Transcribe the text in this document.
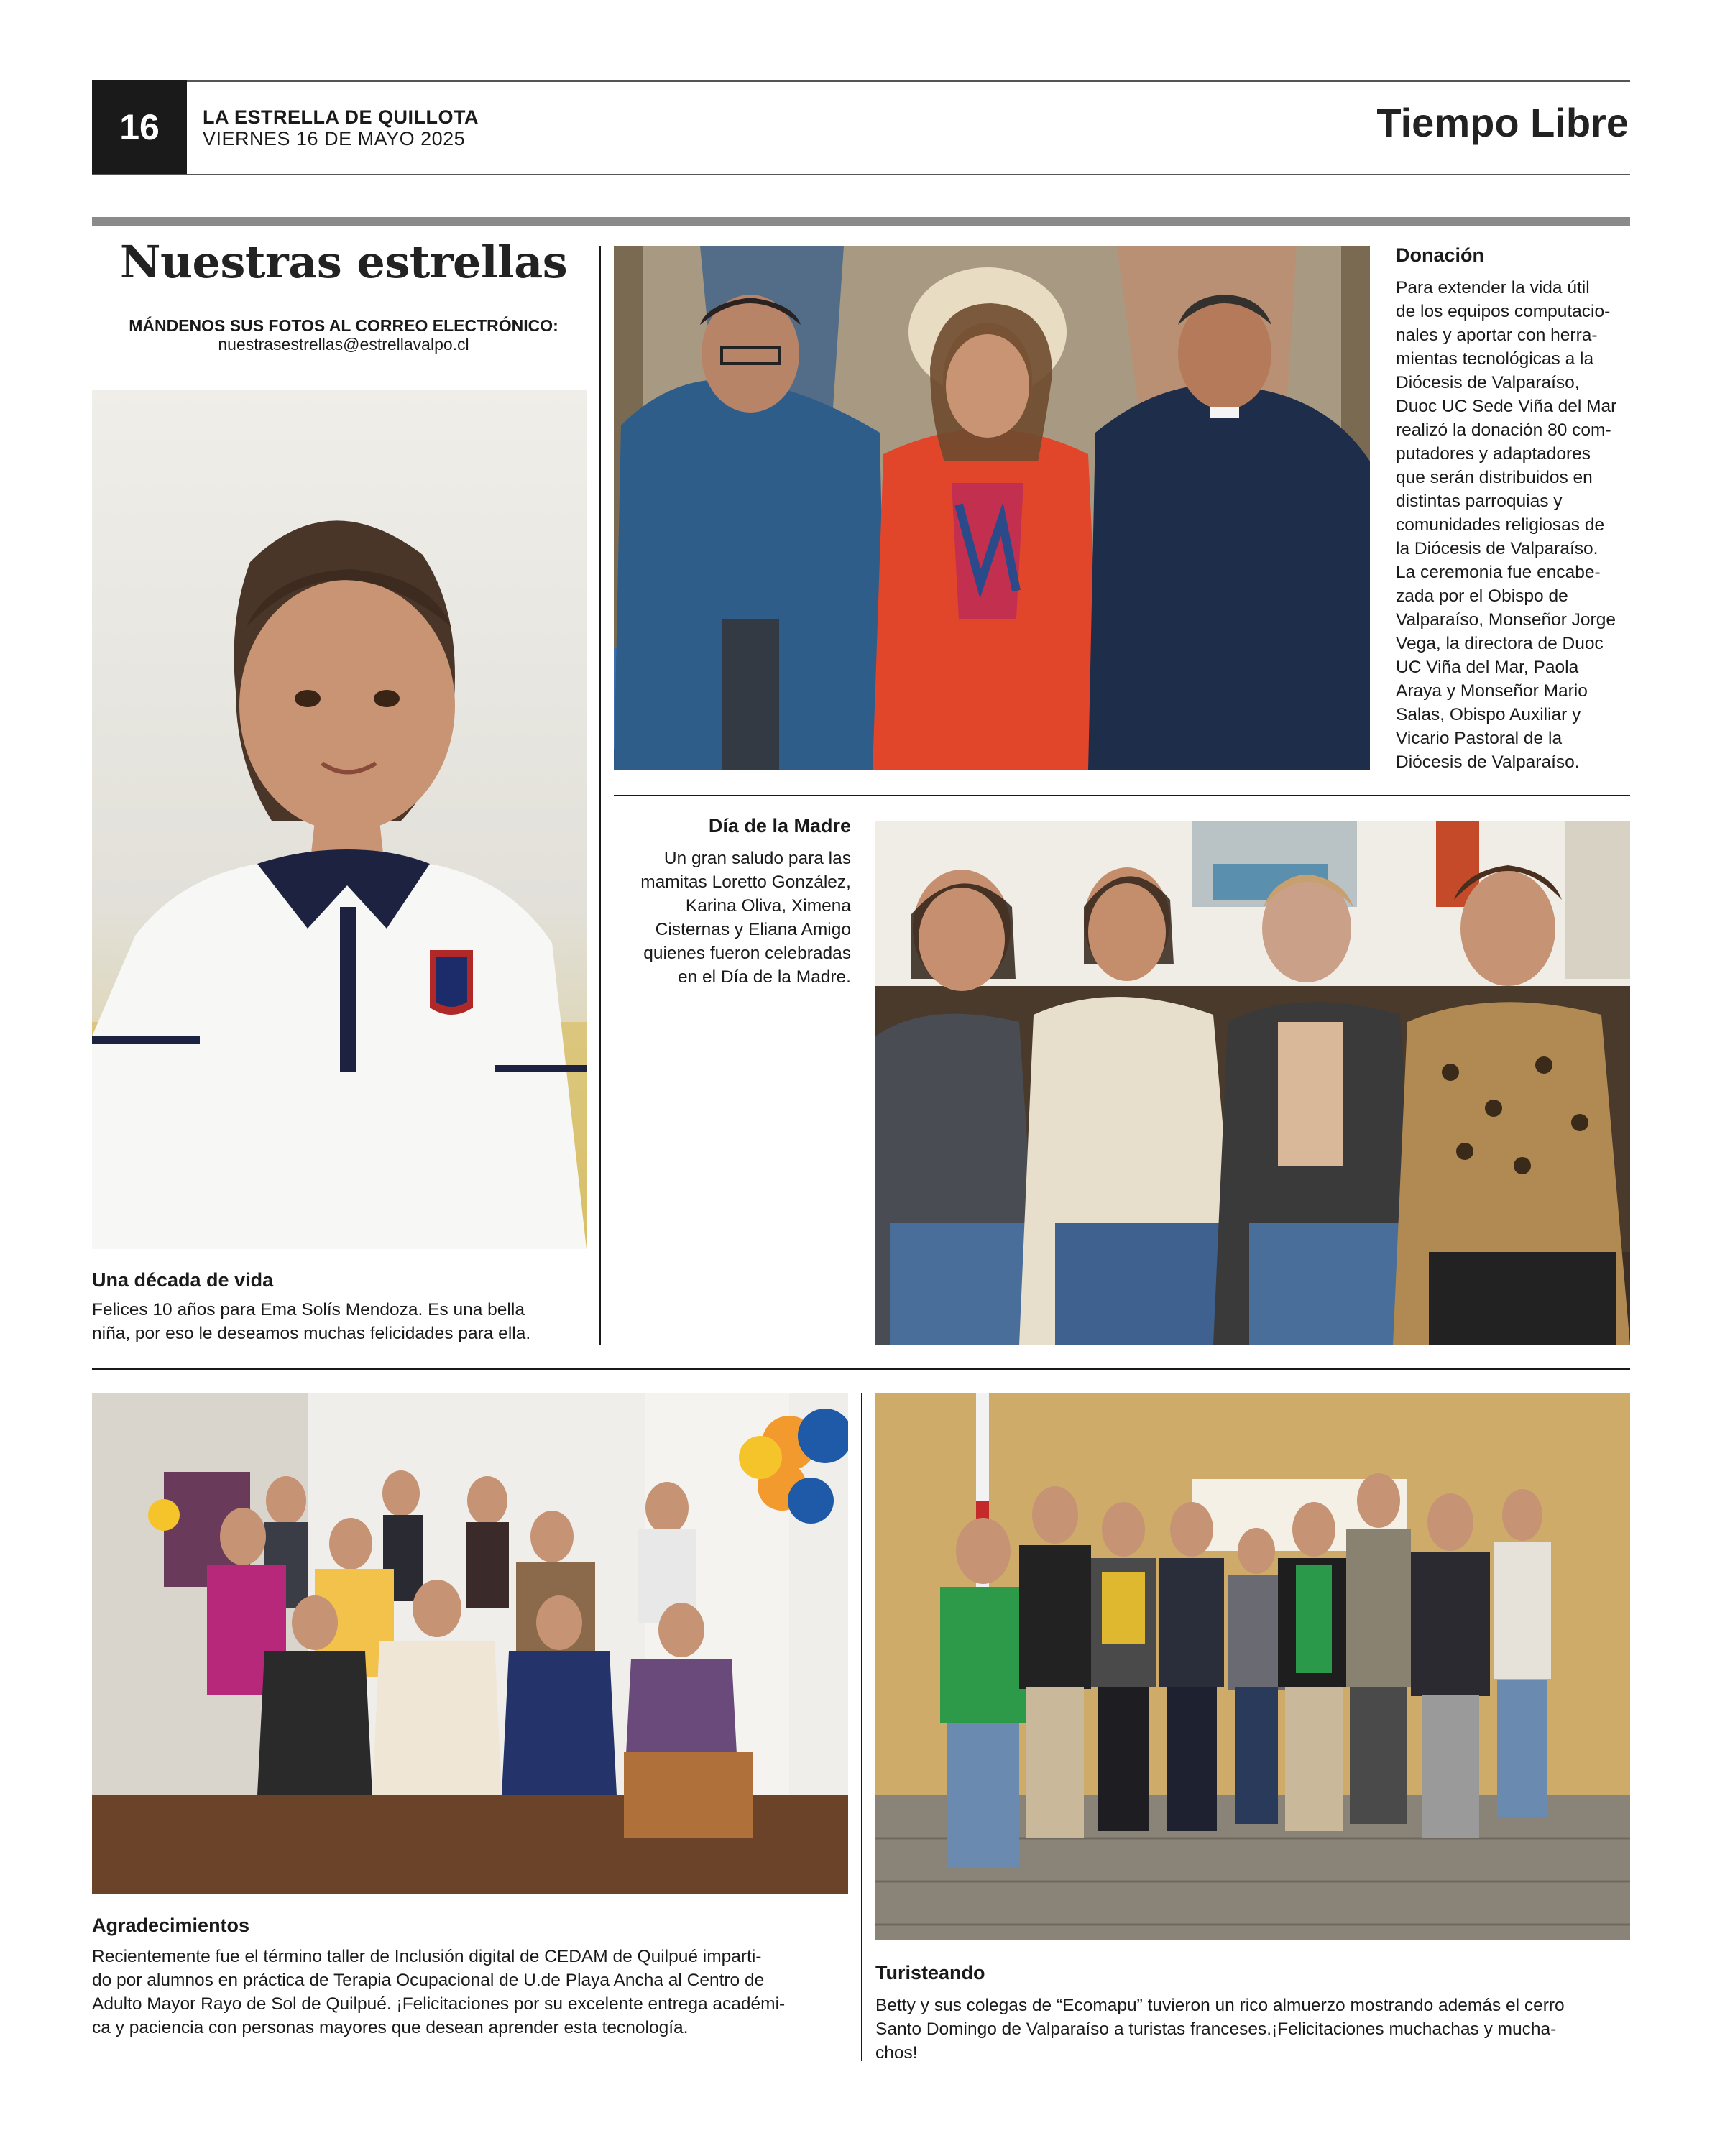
16	LA ESTRELLA DE QUILLOTA
VIERNES 16 DE MAYO 2025	Tiempo Libre
Nuestras estrellas
MÁNDENOS SUS FOTOS AL CORREO ELECTRÓNICO:
nuestrasestrellas@estrellavalpo.cl
Una década de vida
Felices 10 años para Ema Solís Mendoza. Es una bella
niña, por eso le deseamos muchas felicidades para ella.
Donación
Para extender la vida útil
de los equipos computacio-
nales y aportar con herra-
mientas tecnológicas a la
Diócesis de Valparaíso,
Duoc UC Sede Viña del Mar
realizó la donación 80 com-
putadores y adaptadores
que serán distribuidos en
distintas parroquias y
comunidades religiosas de
la Diócesis de Valparaíso.
La ceremonia fue encabe-
zada por el Obispo de
Valparaíso, Monseñor Jorge
Vega, la directora de Duoc
UC Viña del Mar, Paola
Araya y Monseñor Mario
Salas, Obispo Auxiliar y
Vicario Pastoral de la
Diócesis de Valparaíso.
Día de la Madre
Un gran saludo para las
mamitas Loretto González,
Karina Oliva, Ximena
Cisternas y Eliana Amigo
quienes fueron celebradas
en el Día de la Madre.
Agradecimientos
Recientemente fue el término taller de Inclusión digital de CEDAM de Quilpué imparti-
do por alumnos en práctica de Terapia Ocupacional de U.de Playa Ancha al Centro de
Adulto Mayor Rayo de Sol de Quilpué. ¡Felicitaciones por su excelente entrega académi-
ca y paciencia con personas mayores que desean aprender esta tecnología.
Turisteando
Betty y sus colegas de “Ecomapu” tuvieron un rico almuerzo mostrando además el cerro
Santo Domingo de Valparaíso a turistas franceses.¡Felicitaciones muchachas y mucha-
chos!
